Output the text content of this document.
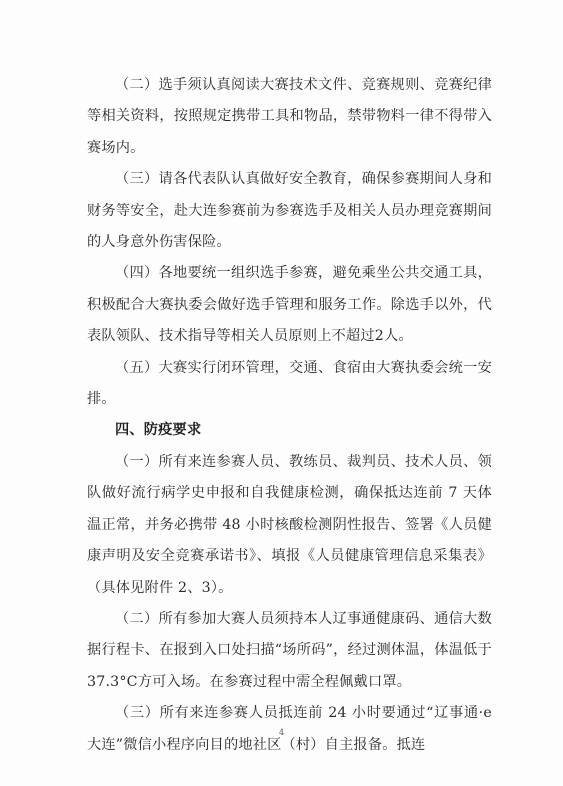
（二）选手须认真阅读大赛技术文件、竞赛规则、竞赛纪律等相关资料，按照规定携带工具和物品，禁带物料一律不得带入赛场内。

（三）请各代表队认真做好安全教育，确保参赛期间人身和财务等安全，赴大连参赛前为参赛选手及相关人员办理竞赛期间的人身意外伤害保险。

（四）各地要统一组织选手参赛，避免乘坐公共交通工具，积极配合大赛执委会做好选手管理和服务工作。除选手以外，代表队领队、技术指导等相关人员原则上不超过2人。

（五）大赛实行闭环管理，交通、食宿由大赛执委会统一安排。

四、防疫要求

（一）所有来连参赛人员、教练员、裁判员、技术人员、领队做好流行病学史申报和自我健康检测，确保抵达连前 7 天体温正常，并务必携带 48 小时核酸检测阴性报告、签署《人员健康声明及安全竞赛承诺书》、填报《人员健康管理信息采集表》（具体见附件 2、3）。

（二）所有参加大赛人员须持本人辽事通健康码、通信大数据行程卡、在报到入口处扫描“场所码”，经过测体温，体温低于 37.3°C方可入场。在参赛过程中需全程佩戴口罩。

（三）所有来连参赛人员抵连前 24 小时要通过“辽事通·e 大连”微信小程序向目的地社区（村）自主报备。抵连

4
